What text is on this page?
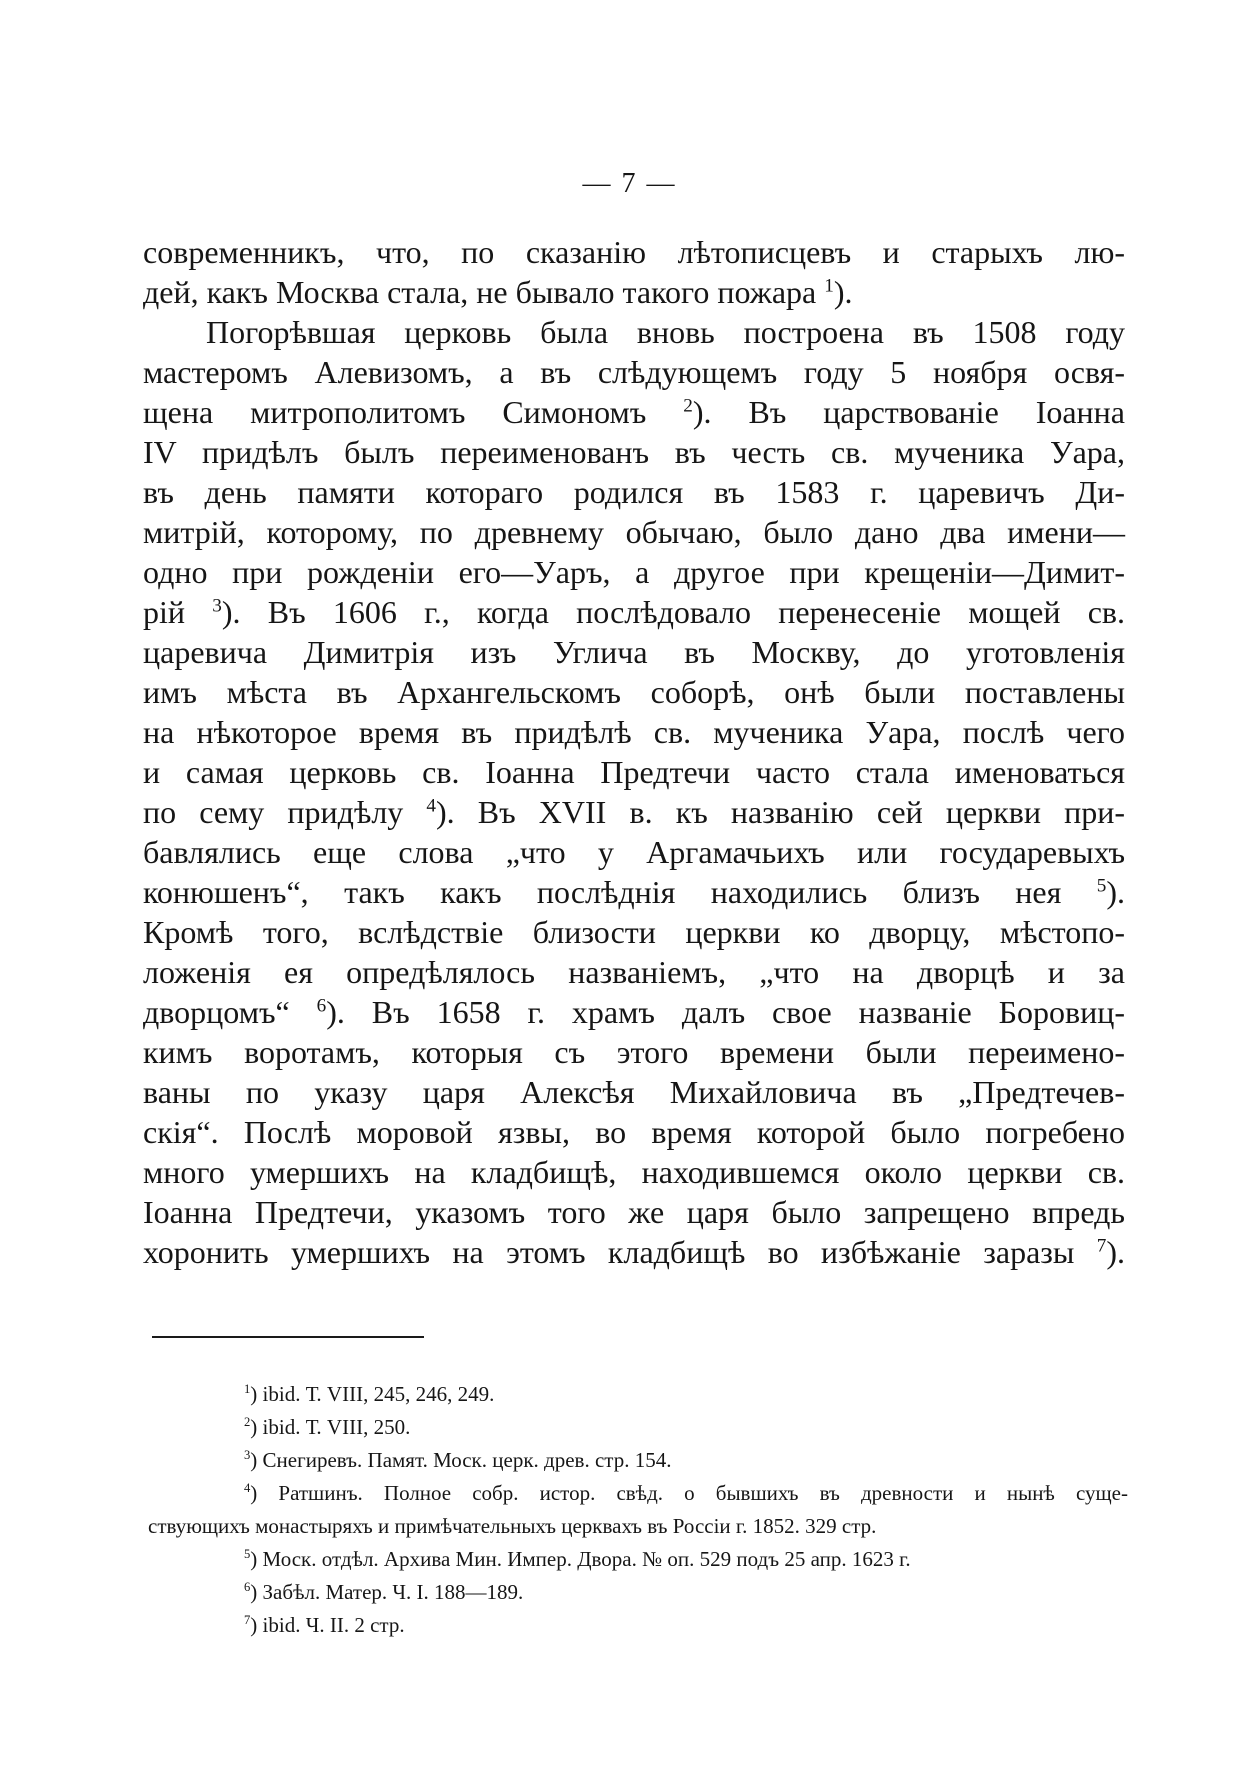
— 7 —
современникъ, что, по сказанію лѣтописцевъ и старыхъ лю-
дей, какъ Москва стала, не бывало такого пожара $^1$).
Погорѣвшая церковь была вновь построена въ 1508 году
мастеромъ Алевизомъ, а въ слѣдующемъ году 5 ноября освя-
щена митрополитомъ Симономъ $^2$). Въ царствованіе Іоанна
IV придѣлъ былъ переименованъ въ честь св. мученика Уара,
въ день памяти котораго родился въ 1583 г. царевичъ Ди-
митрій, которому, по древнему обычаю, было дано два имени—
одно при рожденіи его—Уаръ, а другое при крещеніи—Димит-
рій $^3$). Въ 1606 г., когда послѣдовало перенесеніе мощей св.
царевича Димитрія изъ Углича въ Москву, до уготовленія
имъ мѣста въ Архангельскомъ соборѣ, онѣ были поставлены
на нѣкоторое время въ придѣлѣ св. мученика Уара, послѣ чего
и самая церковь св. Іоанна Предтечи часто стала именоваться
по сему придѣлу $^4$). Въ XVII в. къ названію сей церкви при-
бавлялись еще слова „что у Аргамачьихъ или государевыхъ
конюшенъ“, такъ какъ послѣднія находились близъ нея $^5$).
Кромѣ того, вслѣдствіе близости церкви ко дворцу, мѣстопо-
ложенія ея опредѣлялось названіемъ, „что на дворцѣ и за
дворцомъ“ $^6$). Въ 1658 г. храмъ далъ свое названіе Боровиц-
кимъ воротамъ, которыя съ этого времени были переимено-
ваны по указу царя Алексѣя Михайловича въ „Предтечев-
скія“. Послѣ моровой язвы, во время которой было погребено
много умершихъ на кладбищѣ, находившемся около церкви св.
Іоанна Предтечи, указомъ того же царя было запрещено впредь
хоронить умершихъ на этомъ кладбищѣ во избѣжаніе заразы $^7$).
$^1$) ibid. Т. VIII, 245, 246, 249.
$^2$) ibid. Т. VIII, 250.
$^3$) Снегиревъ. Памят. Моск. церк. древ. стр. 154.
$^4$) Ратшинъ. Полное собр. истор. свѣд. о бывшихъ въ древности и нынѣ суще-
ствующихъ монастыряхъ и примѣчательныхъ церквахъ въ Россіи г. 1852. 329 стр.
$^5$) Моск. отдѣл. Архива Мин. Импер. Двора. № оп. 529 подъ 25 апр. 1623 г.
$^6$) Забѣл. Матер. Ч. I. 188—189.
$^7$) ibid. Ч. II. 2 стр.
